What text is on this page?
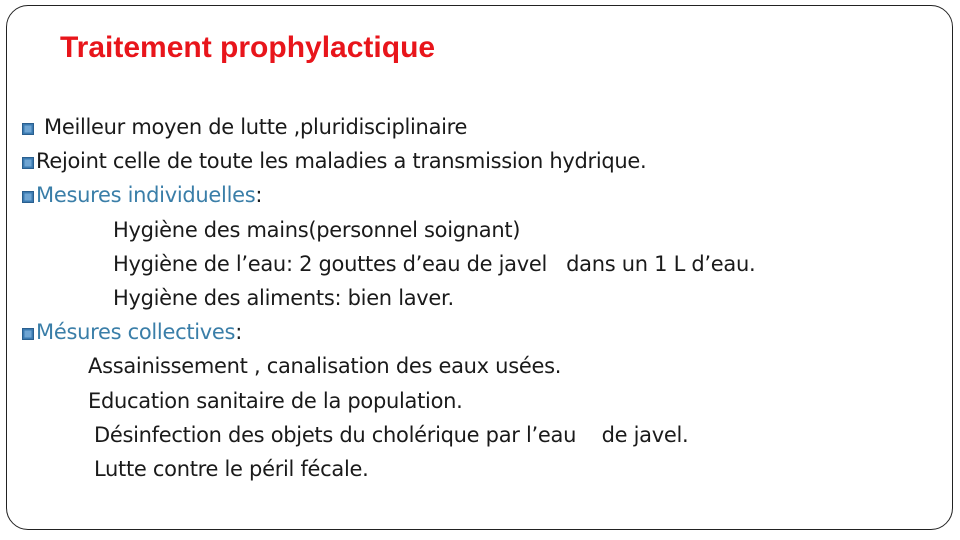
Traitement prophylactique
Meilleur moyen de lutte ,pluridisciplinaire
Rejoint celle de toute les maladies a transmission hydrique.
Mesures individuelles:
Hygiène des mains(personnel soignant)
Hygiène de l’eau: 2 gouttes d’eau de javel   dans un 1 L d’eau.
Hygiène des aliments: bien laver.
Mésures collectives:
Assainissement , canalisation des eaux usées.
Education sanitaire de la population.
Désinfection des objets du cholérique par l’eau    de javel.
Lutte contre le péril fécale.
